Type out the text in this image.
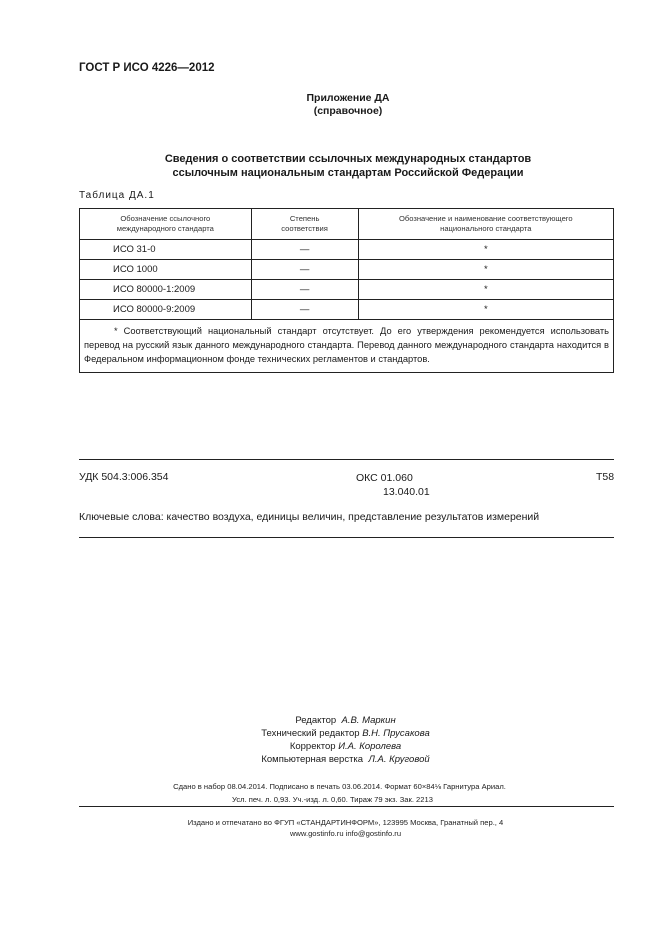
ГОСТ Р ИСО 4226—2012
Приложение ДА
(справочное)
Сведения о соответствии ссылочных международных стандартов
ссылочным национальным стандартам Российской Федерации
Таблица ДА.1
Обозначение ссылочного международного стандарта	Степень соответствия	Обозначение и наименование соответствующего национального стандарта
ИСО 31-0	—	*
ИСО 1000	—	*
ИСО 80000-1:2009	—	*
ИСО 80000-9:2009	—	*
* Соответствующий национальный стандарт отсутствует. До его утверждения рекомендуется использовать перевод на русский язык данного международного стандарта. Перевод данного международного стандарта находится в Федеральном информационном фонде технических регламентов и стандартов.		
УДК 504.3:006.354	ОКС 01.060
13.040.01
Т58
Ключевые слова: качество воздуха, единицы величин, представление результатов измерений
Редактор А.В. Маркин
Технический редактор В.Н. Прусакова
Корректор И.А. Королева
Компьютерная верстка Л.А. Круговой
Сдано в набор 08.04.2014. Подписано в печать 03.06.2014. Формат 60×84⅛ Гарнитура Ариал.
Усл. печ. л. 0,93. Уч.-изд. л. 0,60. Тираж 79 экз. Зак. 2213
Издано и отпечатано во ФГУП «СТАНДАРТИНФОРМ», 123995 Москва, Гранатный пер., 4
www.gostinfo.ru info@gostinfo.ru
